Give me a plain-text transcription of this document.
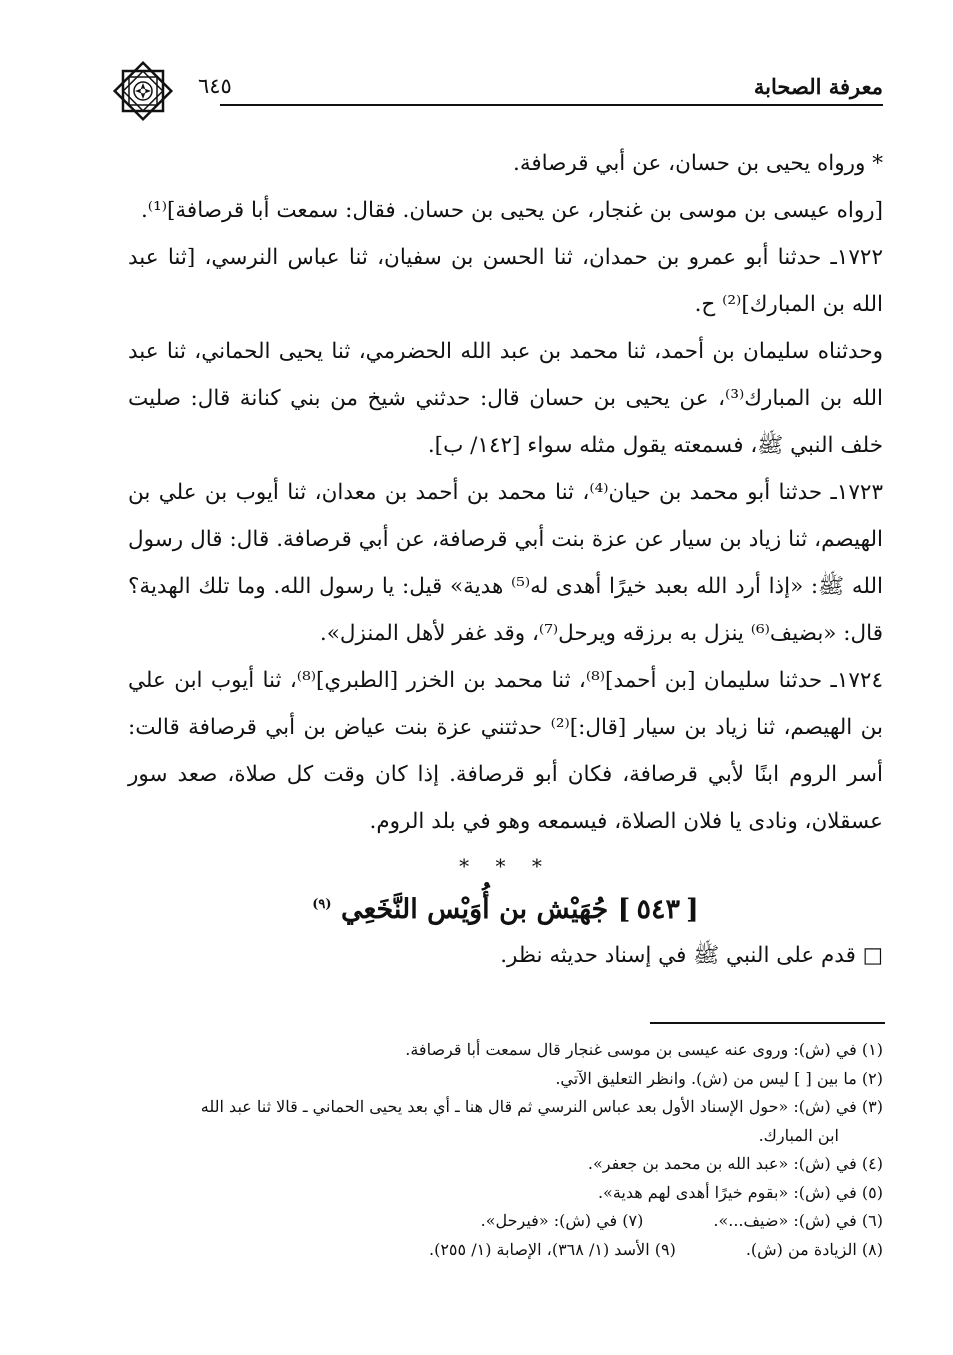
معرفة الصحابة
٦٤٥

* ورواه يحيى بن حسان، عن أبي قرصافة.

[رواه عيسى بن موسى بن غنجار، عن يحيى بن حسان. فقال: سمعت أبا قرصافة]⁽¹⁾.

١٧٢٢ـ حدثنا أبو عمرو بن حمدان، ثنا الحسن بن سفيان، ثنا عباس النرسي، [ثنا عبد الله بن المبارك]⁽²⁾ ح.

وحدثناه سليمان بن أحمد، ثنا محمد بن عبد الله الحضرمي، ثنا يحيى الحماني، ثنا عبد الله بن المبارك⁽³⁾، عن يحيى بن حسان قال: حدثني شيخ من بني كنانة قال: صليت خلف النبي ﷺ، فسمعته يقول مثله سواء [١٤٢/ ب].

١٧٢٣ـ حدثنا أبو محمد بن حيان⁽⁴⁾، ثنا محمد بن أحمد بن معدان، ثنا أيوب بن علي بن الهيصم، ثنا زياد بن سيار عن عزة بنت أبي قرصافة، عن أبي قرصافة. قال: قال رسول الله ﷺ: «إذا أرد الله بعبد خيرًا أهدى له⁽⁵⁾ هدية» قيل: يا رسول الله. وما تلك الهدية؟ قال: «بضيف⁽⁶⁾ ينزل به برزقه ويرحل⁽⁷⁾، وقد غفر لأهل المنزل».

١٧٢٤ـ حدثنا سليمان [بن أحمد]⁽⁸⁾، ثنا محمد بن الخزر [الطبري]⁽⁸⁾، ثنا أيوب ابن علي بن الهيصم، ثنا زياد بن سيار [قال:]⁽²⁾ حدثتني عزة بنت عياض بن أبي قرصافة قالت: أسر الروم ابنًا لأبي قرصافة، فكان أبو قرصافة. إذا كان وقت كل صلاة، صعد سور عسقلان، ونادى يا فلان الصلاة، فيسمعه وهو في بلد الروم.

* * *
[٥٤٣] جُهَيْش بن أُوَيْس النَّخَعِي $^{(٩)}$

□ قدم على النبي ﷺ في إسناد حديثه نظر.

(١) في (ش): وروى عنه عيسى بن موسى غنجار قال سمعت أبا قرصافة.
(٢) ما بين [ ] ليس من (ش). وانظر التعليق الآتي.
(٣) في (ش): «حول الإسناد الأول بعد عباس النرسي ثم قال هنا ـ أي بعد يحيى الحماني ـ قالا ثنا عبد الله
ابن المبارك.
(٤) في (ش): «عبد الله بن محمد بن جعفر».
(٥) في (ش): «بقوم خيرًا أهدى لهم هدية».
(٦) في (ش): «ضيف...».
(٧) في (ش): «فيرحل».
(٨) الزيادة من (ش).
(٩) الأسد (١/ ٣٦٨)، الإصابة (١/ ٢٥٥).
